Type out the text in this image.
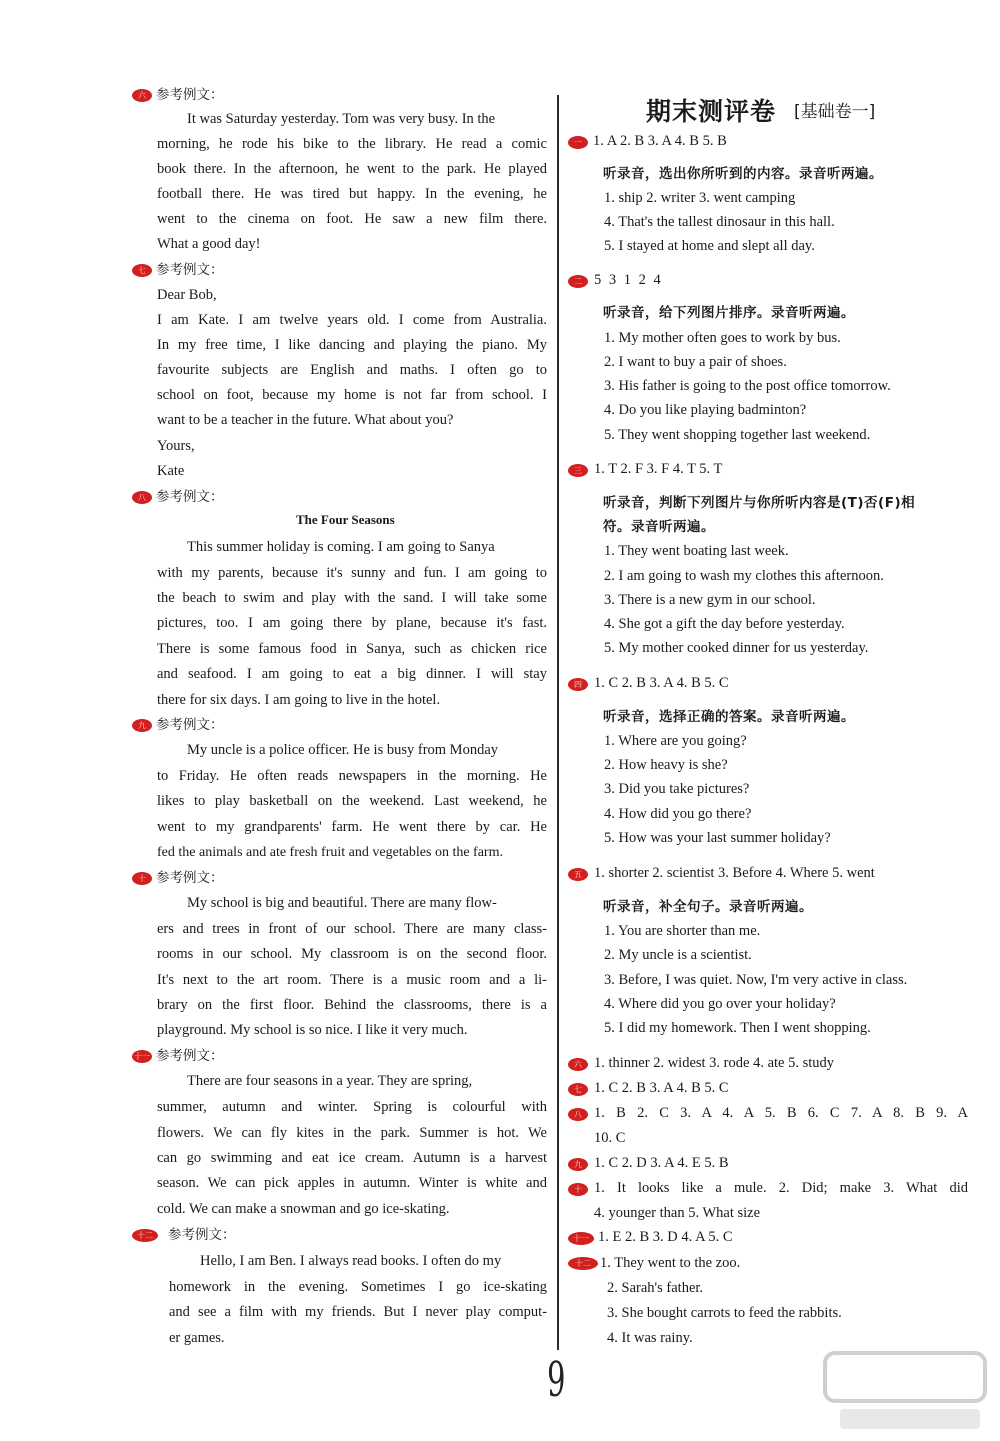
六 参考例文：
It was Saturday yesterday. Tom was very busy. In the
morning, he rode his bike to the library. He read a comic
book there. In the afternoon, he went to the park. He played
football there. He was tired but happy. In the evening, he
went to the cinema on foot. He saw a new film there.
What a good day!
七 参考例文：
Dear Bob,
I am Kate. I am twelve years old. I come from Australia.
In my free time, I like dancing and playing the piano. My
favourite subjects are English and maths. I often go to
school on foot, because my home is not far from school. I
want to be a teacher in the future. What about you?
Yours,
Kate
八 参考例文：
The Four Seasons
This summer holiday is coming. I am going to Sanya
with my parents, because it's sunny and fun. I am going to
the beach to swim and play with the sand. I will take some
pictures, too. I am going there by plane, because it's fast.
There is some famous food in Sanya, such as chicken rice
and seafood. I am going to eat a big dinner. I will stay
there for six days. I am going to live in the hotel.
九 参考例文：
My uncle is a police officer. He is busy from Monday
to Friday. He often reads newspapers in the morning. He
likes to play basketball on the weekend. Last weekend, he
went to my grandparents' farm. He went there by car. He
fed the animals and ate fresh fruit and vegetables on the farm.
十 参考例文：
My school is big and beautiful. There are many flow-
ers and trees in front of our school. There are many class-
rooms in our school. My classroom is on the second floor.
It's next to the art room. There is a music room and a li-
brary on the first floor. Behind the classrooms, there is a
playground. My school is so nice. I like it very much.
十一 参考例文：
There are four seasons in a year. They are spring,
summer, autumn and winter. Spring is colourful with
flowers. We can fly kites in the park. Summer is hot. We
can go swimming and eat ice cream. Autumn is a harvest
season. We can pick apples in autumn. Winter is white and
cold. We can make a snowman and go ice-skating.
十二 参考例文：
Hello, I am Ben. I always read books. I often do my
homework in the evening. Sometimes I go ice-skating
and see a film with my friends. But I never play comput-
er games.
期末测评卷 [基础卷一]
一 1. A 2. B 3. A 4. B 5. B
听录音，选出你所听到的内容。录音听两遍。
1. ship 2. writer 3. went camping
4. That's the tallest dinosaur in this hall.
5. I stayed at home and slept all day.
二 5 3 1 2 4
听录音，给下列图片排序。录音听两遍。
1. My mother often goes to work by bus.
2. I want to buy a pair of shoes.
3. His father is going to the post office tomorrow.
4. Do you like playing badminton?
5. They went shopping together last weekend.
三 1. T 2. F 3. F 4. T 5. T
听录音，判断下列图片与你所听内容是(T)否(F)相
符。录音听两遍。
1. They went boating last week.
2. I am going to wash my clothes this afternoon.
3. There is a new gym in our school.
4. She got a gift the day before yesterday.
5. My mother cooked dinner for us yesterday.
四 1. C 2. B 3. A 4. B 5. C
听录音，选择正确的答案。录音听两遍。
1. Where are you going?
2. How heavy is she?
3. Did you take pictures?
4. How did you go there?
5. How was your last summer holiday?
五 1. shorter 2. scientist 3. Before 4. Where 5. went
听录音，补全句子。录音听两遍。
1. You are shorter than me.
2. My uncle is a scientist.
3. Before, I was quiet. Now, I'm very active in class.
4. Where did you go over your holiday?
5. I did my homework. Then I went shopping.
六 1. thinner 2. widest 3. rode 4. ate 5. study
七 1. C 2. B 3. A 4. B 5. C
八 1. B 2. C 3. A 4. A 5. B 6. C 7. A 8. B 9. A
10. C
九 1. C 2. D 3. A 4. E 5. B
十 1. It looks like a mule. 2. Did; make 3. What did
4. younger than 5. What size
十一 1. E 2. B 3. D 4. A 5. C
十二 1. They went to the zoo.
2. Sarah's father.
3. She bought carrots to feed the rabbits.
4. It was rainy.
9
